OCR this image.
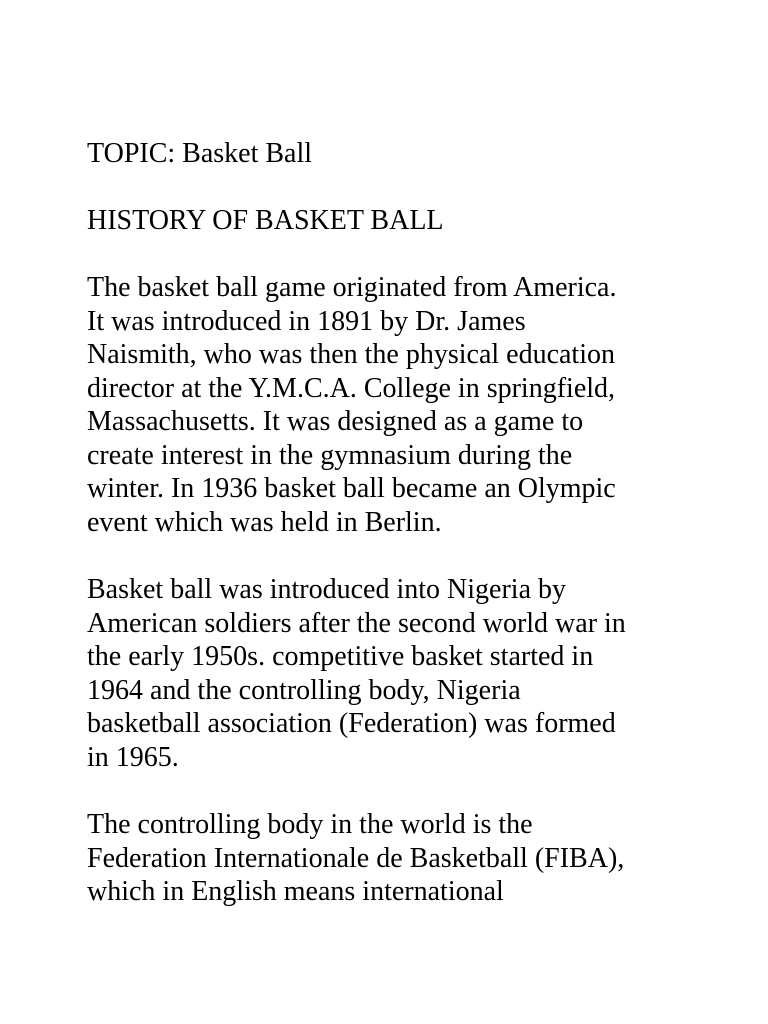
TOPIC: Basket Ball

HISTORY OF BASKET BALL

The basket ball game originated from America.
It was introduced in 1891 by Dr. James
Naismith, who was then the physical education
director at the Y.M.C.A. College in springfield,
Massachusetts. It was designed as a game to
create interest in the gymnasium during the
winter. In 1936 basket ball became an Olympic
event which was held in Berlin.

Basket ball was introduced into Nigeria by
American soldiers after the second world war in
the early 1950s. competitive basket started in
1964 and the controlling body, Nigeria
basketball association (Federation) was formed
in 1965.

The controlling body in the world is the
Federation Internationale de Basketball (FIBA),
which in English means international
